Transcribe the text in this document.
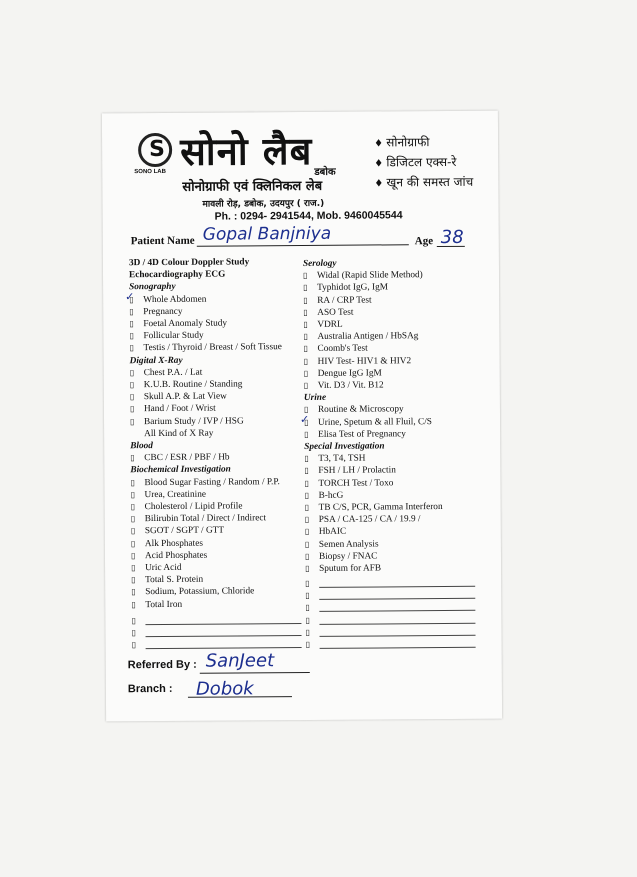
S
SONO LAB सोनो लैब डबोक
सोनोग्राफी एवं क्लिनिकल लेब
मावली रोड़, डबोक, उदयपुर ( राज.)
Ph. : 0294- 2941544, Mob. 9460045544
♦ सोनोग्राफी
♦ डिजिटल एक्स-रे
♦ खून की समस्त जांच
Patient Name Gopal Banjniya	Age 38
3D / 4D Colour Doppler Study
Echocardiography ECG
Sonography
▯ Whole Abdomen
✓
▯ Pregnancy
▯ Foetal Anomaly Study
▯ Follicular Study
▯ Testis / Thyroid / Breast / Soft Tissue
Digital X-Ray
▯ Chest P.A. / Lat
▯ K.U.B. Routine / Standing
▯ Skull A.P. & Lat View
▯ Hand / Foot / Wrist
▯ Barium Study / IVP / HSG
All Kind of X Ray
Blood
▯ CBC / ESR / PBF / Hb
Biochemical Investigation
▯ Blood Sugar Fasting / Random / P.P.
▯ Urea, Creatinine
▯ Cholesterol / Lipid Profile
▯ Bilirubin Total / Direct / Indirect
▯ SGOT / SGPT / GTT
▯ Alk Phosphates
▯ Acid Phosphates
▯ Uric Acid
▯ Total S. Protein
▯ Sodium, Potassium, Chloride
▯ Total Iron
▯
▯
▯
Serology
▯ Widal (Rapid Slide Method)
▯ Typhidot IgG, IgM
▯ RA / CRP Test
▯ ASO Test
▯ VDRL
▯ Australia Antigen / HbSAg
▯ Coomb's Test
▯ HIV Test- HIV1 & HIV2
▯ Dengue IgG IgM
▯ Vit. D3 / Vit. B12
Urine
▯ Routine & Microscopy
▯ Urine, Spetum & all Fluil, C/S
✓
▯ Elisa Test of Pregnancy
Special Investigation
▯ T3, T4, TSH
▯ FSH / LH / Prolactin
▯ TORCH Test / Toxo
▯ B-hcG
▯ TB C/S, PCR, Gamma Interferon
▯ PSA / CA-125 / CA / 19.9 /
▯ HbAIC
▯ Semen Analysis
▯ Biopsy / FNAC
▯ Sputum for AFB
▯
▯
▯
▯
▯
▯
Referred By : SanJeet
Branch : Dobok
